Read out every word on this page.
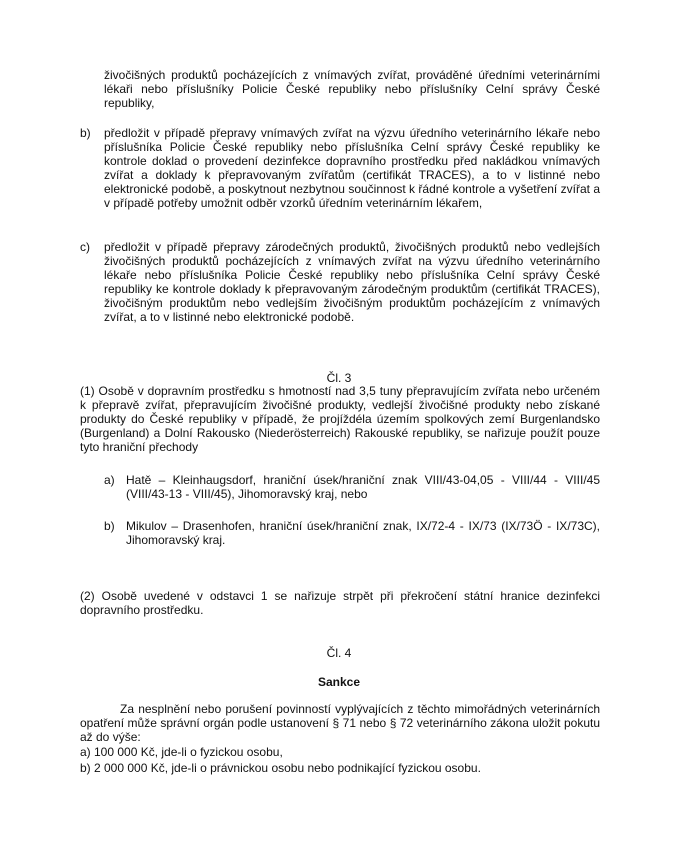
živočišných produktů pocházejících z vnímavých zvířat, prováděné úředními veterinárními lékaři nebo příslušníky Policie České republiky nebo příslušníky Celní správy České republiky,
b)	předložit v případě přepravy vnímavých zvířat na výzvu úředního veterinárního lékaře nebo příslušníka Policie České republiky nebo příslušníka Celní správy České republiky ke kontrole doklad o provedení dezinfekce dopravního prostředku před nakládkou vnímavých zvířat a doklady k přepravovaným zvířatům (certifikát TRACES), a to v listinné nebo elektronické podobě, a poskytnout nezbytnou součinnost k řádné kontrole a vyšetření zvířat a v případě potřeby umožnit odběr vzorků úředním veterinárním lékařem,
c)	předložit v případě přepravy zárodečných produktů, živočišných produktů nebo vedlejších živočišných produktů pocházejících z vnímavých zvířat na výzvu úředního veterinárního lékaře nebo příslušníka Policie České republiky nebo příslušníka Celní správy České republiky ke kontrole doklady k přepravovaným zárodečným produktům (certifikát TRACES), živočišným produktům nebo vedlejším živočišným produktům pocházejícím z vnímavých zvířat, a to v listinné nebo elektronické podobě.
Čl. 3
(1) Osobě v dopravním prostředku s hmotností nad 3,5 tuny přepravujícím zvířata nebo určeném k přepravě zvířat, přepravujícím živočišné produkty, vedlejší živočišné produkty nebo získané produkty do České republiky v případě, že projíždéla územím spolkových zemí Burgenlandsko (Burgenland) a Dolní Rakousko (Niederösterreich) Rakouské republiky, se nařizuje použít pouze tyto hraniční přechody
a) Hatě – Kleinhaugsdorf, hraniční úsek/hraniční znak VIII/43-04,05 - VIII/44 - VIII/45 (VIII/43-13 - VIII/45), Jihomoravský kraj, nebo
b) Mikulov – Drasenhofen, hraniční úsek/hraniční znak, IX/72-4 - IX/73 (IX/73Ö - IX/73C), Jihomoravský kraj.
(2) Osobě uvedené v odstavci 1 se nařizuje strpět při překročení státní hranice dezinfekci dopravního prostředku.
Čl. 4
Sankce
Za nesplnění nebo porušení povinností vyplývajících z těchto mimořádných veterinárních opatření může správní orgán podle ustanovení § 71 nebo § 72 veterinárního zákona uložit pokutu až do výše:
a) 100 000 Kč, jde-li o fyzickou osobu,
b) 2 000 000 Kč, jde-li o právnickou osobu nebo podnikající fyzickou osobu.
